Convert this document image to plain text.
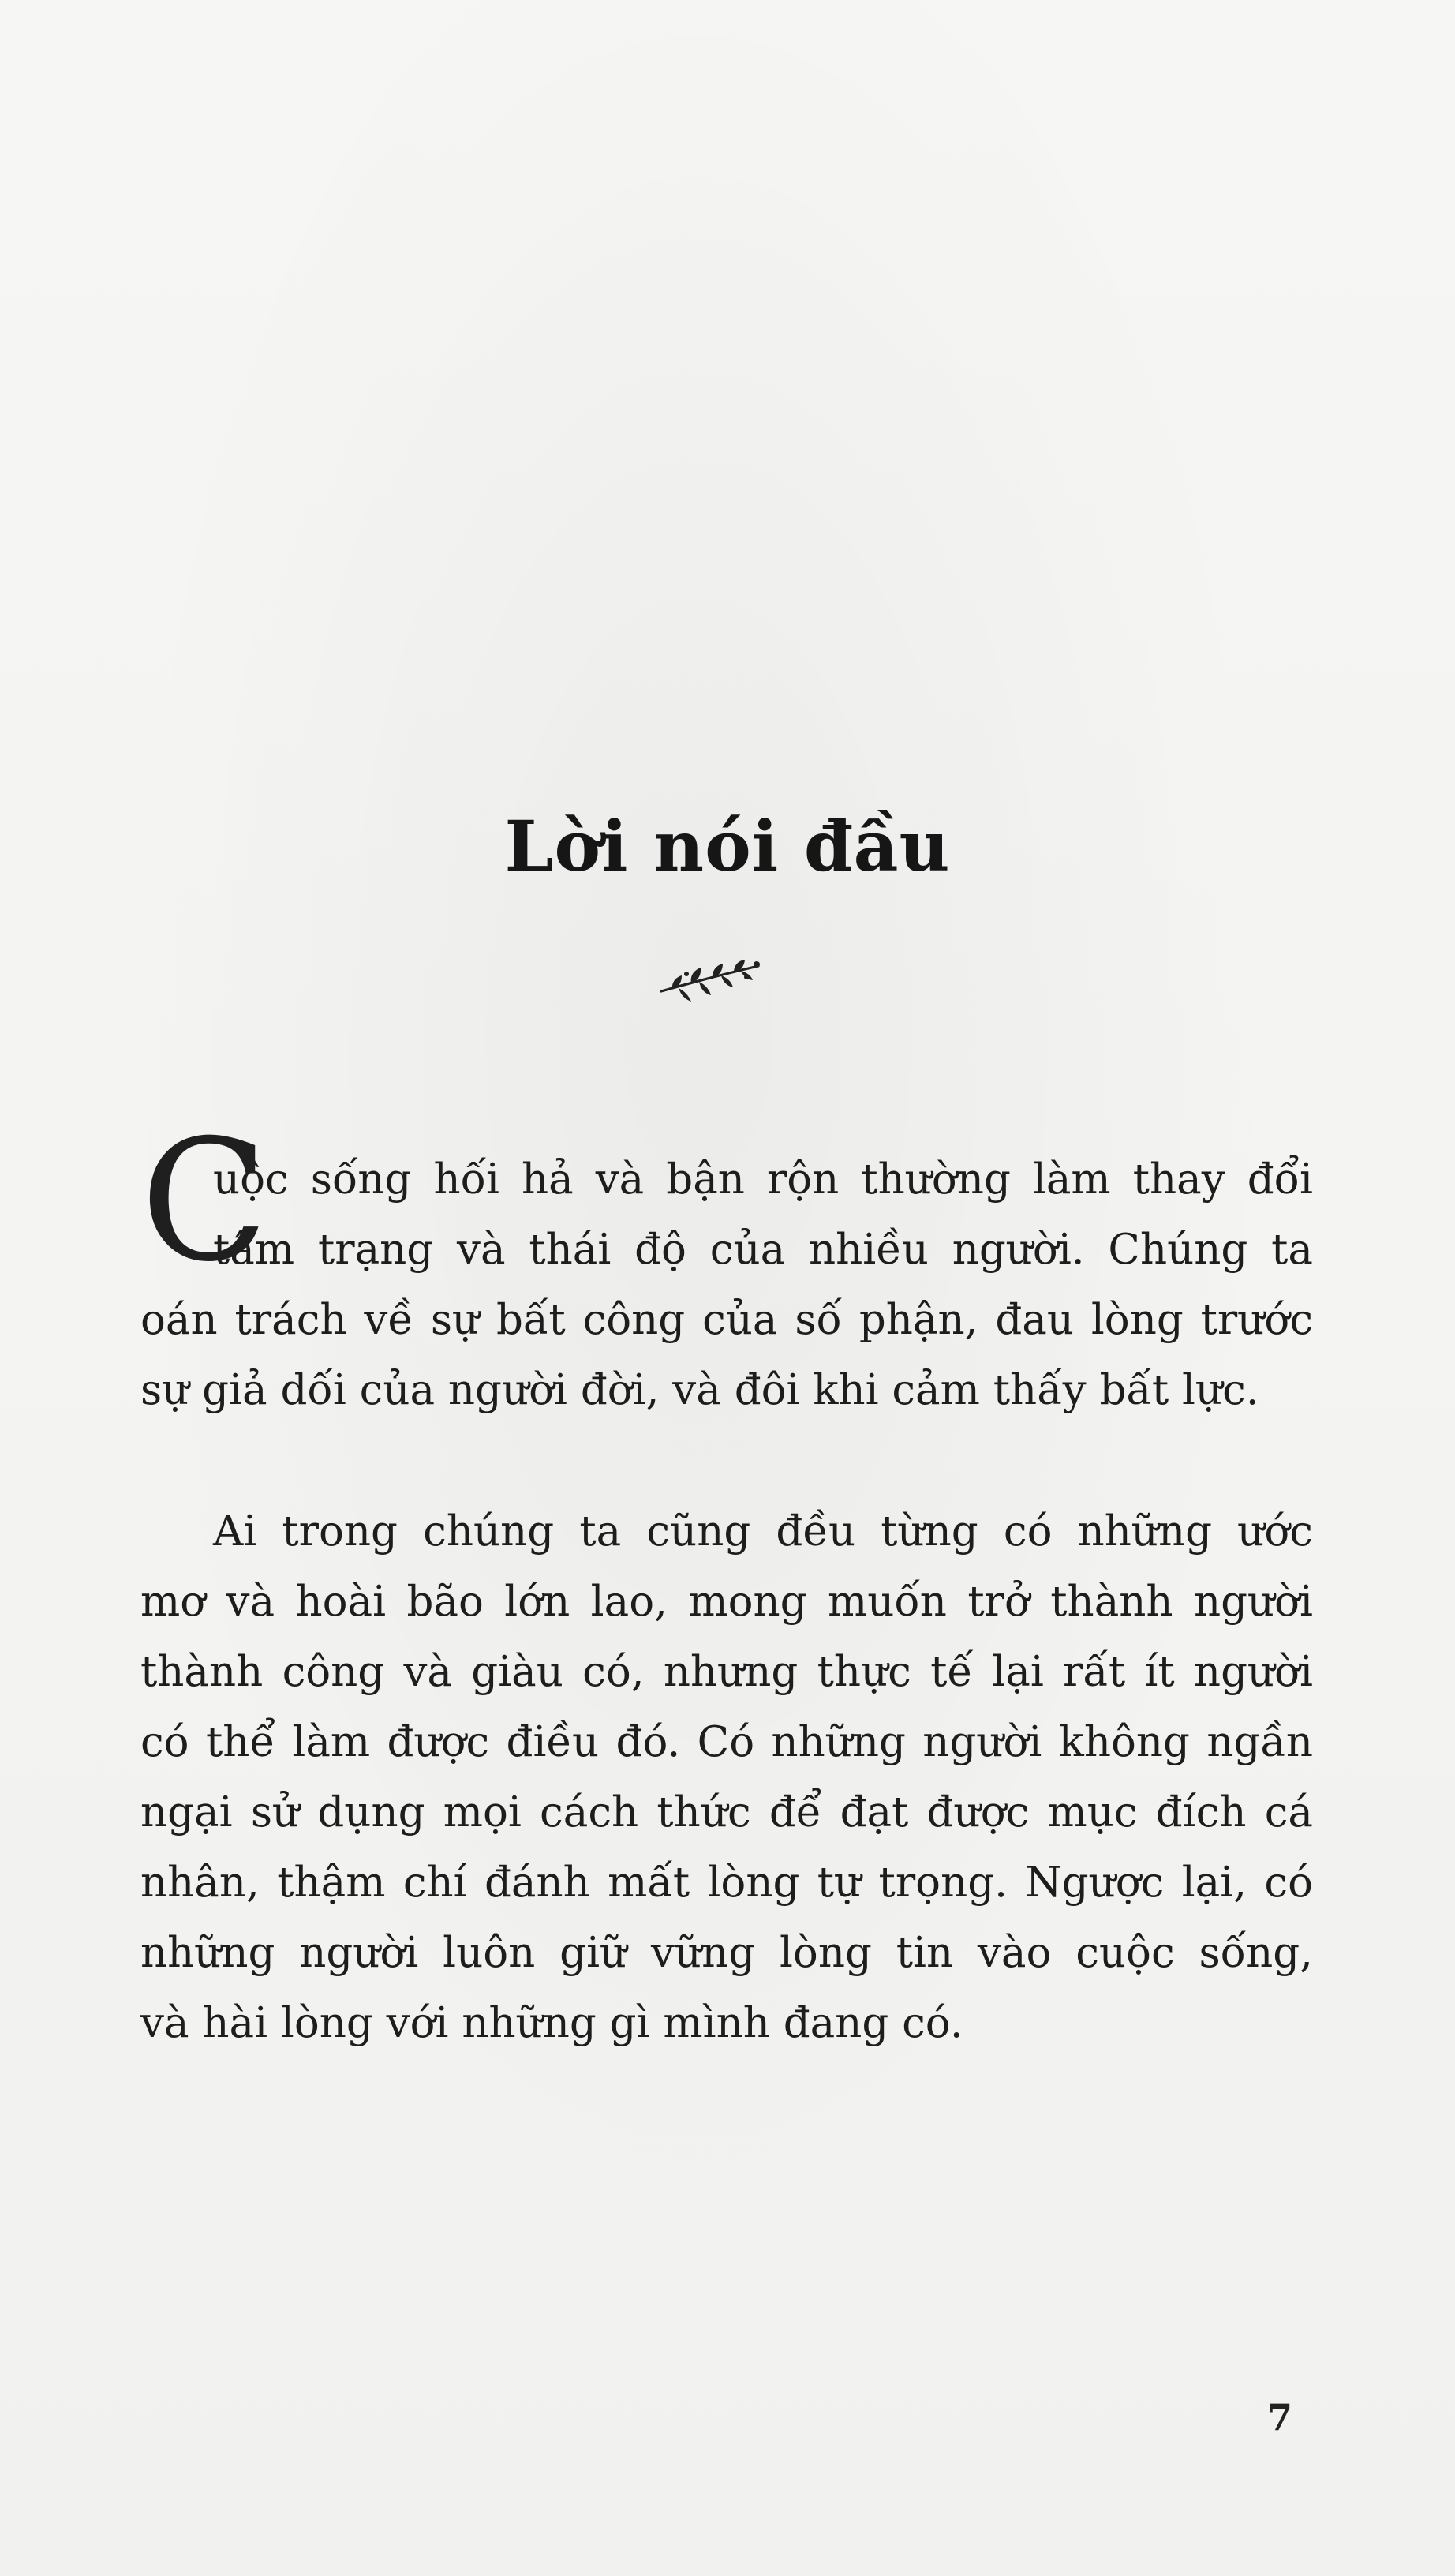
Lời nói đầu
C
uộc sống hối hả và bận rộn thường làm thay đổi
tâm trạng và thái độ của nhiều người. Chúng ta
oán trách về sự bất công của số phận, đau lòng trước
sự giả dối của người đời, và đôi khi cảm thấy bất lực.
Ai trong chúng ta cũng đều từng có những ước
mơ và hoài bão lớn lao, mong muốn trở thành người
thành công và giàu có, nhưng thực tế lại rất ít người
có thể làm được điều đó. Có những người không ngần
ngại sử dụng mọi cách thức để đạt được mục đích cá
nhân, thậm chí đánh mất lòng tự trọng. Ngược lại, có
những người luôn giữ vững lòng tin vào cuộc sống,
và hài lòng với những gì mình đang có.
7
